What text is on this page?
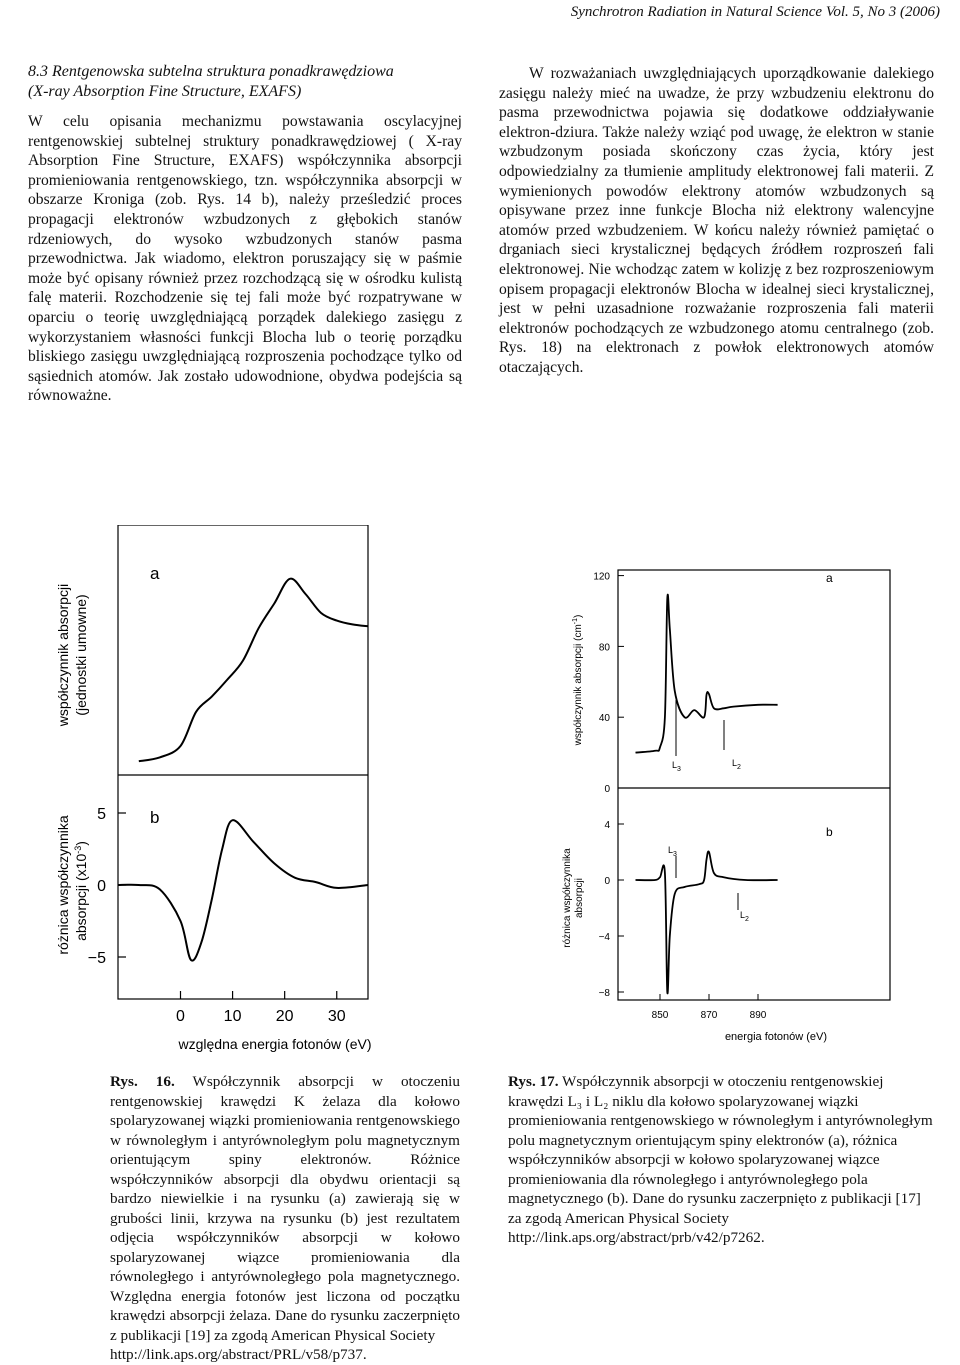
Synchrotron Radiation in Natural Science Vol. 5, No 3 (2006)
8.3 Rentgenowska subtelna struktura ponadkrawędziowa
(X-ray Absorption Fine Structure, EXAFS)

W celu opisania mechanizmu powstawania oscylacyjnej rentgenowskiej subtelnej struktury ponadkrawędziowej ( X-ray Absorption Fine Structure, EXAFS) współczynnika absorpcji promieniowania rentgenowskiego, tzn. współczynnika absorpcji w obszarze Kroniga (zob. Rys. 14 b), należy prześledzić proces propagacji elektronów wzbudzonych z głębokich stanów rdzeniowych, do wysoko wzbudzonych stanów pasma przewodnictwa. Jak wiadomo, elektron poruszający się w paśmie może być opisany również przez rozchodzącą się w ośrodku kulistą falę materii. Rozchodzenie się tej fali może być rozpatrywane w oparciu o teorię uwzględniającą porządek dalekiego zasięgu z wykorzystaniem własności funkcji Blocha lub o teorię porządku bliskiego zasięgu uwzględniającą rozproszenia pochodzące tylko od sąsiednich atomów. Jak zostało udowodnione, obydwa podejścia są równoważne.

W rozważaniach uwzględniających uporządkowanie dalekiego zasięgu należy mieć na uwadze, że przy wzbudzeniu elektronu do pasma przewodnictwa pojawia się dodatkowe oddziaływanie elektron-dziura. Także należy wziąć pod uwagę, że elektron w stanie wzbudzonym posiada skończony czas życia, który jest odpowiedzialny za tłumienie amplitudy elektronowej fali materii. Z wymienionych powodów elektrony atomów wzbudzonych są opisywane przez inne funkcje Blocha niż elektrony walencyjne atomów przed wzbudzeniem. W końcu należy również pamiętać o drganiach sieci krystalicznej będących źródłem rozproszeń fali elektronowej. Nie wchodząc zatem w kolizję z bez rozproszeniowym opisem propagacji elektronów Blocha w idealnej sieci krystalicznej, jest w pełni uzasadnione rozważanie rozproszenia fali materii elektronów pochodzących ze wzbudzonego atomu centralnego (zob. Rys. 18) na elektronach z powłok elektronowych atomów otaczających.

a
b
współczynnik absorpcji (jednostki umowne)
różnica współczynnika absorpcji $(x10^{-3})$
5
0
−5
0 10 20 30
względna energia fotonów (eV)
a
b
współczynnik absorpcji $(cm^{-1})$
różnica współczynnika absorpcji
120
80
40
0
4
0
−4
−8
850	870	890
energia fotonów (eV)
$L_3$
$L_2$
$L_3$
$L_2$
Rys. 16. Współczynnik absorpcji w otoczeniu rentgenowskiej krawędzi K żelaza dla kołowo spolaryzowanej wiązki promieniowania rentgenowskiego w równoległym i antyrównoległym polu magnetycznym orientującym spiny elektronów. Różnice współczynników absorpcji dla obydwu orientacji są bardzo niewielkie i na rysunku (a) zawierają się w grubości linii, krzywa na rysunku (b) jest rezultatem odjęcia współczynników absorpcji w kołowo spolaryzowanej wiązce promieniowania dla równoległego i antyrównoległego pola magnetycznego. Względna energia fotonów jest liczona od początku krawędzi absorpcji żelaza. Dane do rysunku zaczerpnięto z publikacji [19] za zgodą American Physical Society
http://link.aps.org/abstract/PRL/v58/p737.
Rys. 17. Współczynnik absorpcji w otoczeniu rentgenowskiej krawędzi L₃ i L₂ niklu dla kołowo spolaryzowanej wiązki promieniowania rentgenowskiego w równoległym i antyrównoległym polu magnetycznym orientującym spiny elektronów (a), różnica współczynników absorpcji w kołowo spolaryzowanej wiązce promieniowania dla równoległego i antyrównoległego pola magnetycznego (b). Dane do rysunku zaczerpnięto z publikacji [17] za zgodą American Physical Society
http://link.aps.org/abstract/prb/v42/p7262.
